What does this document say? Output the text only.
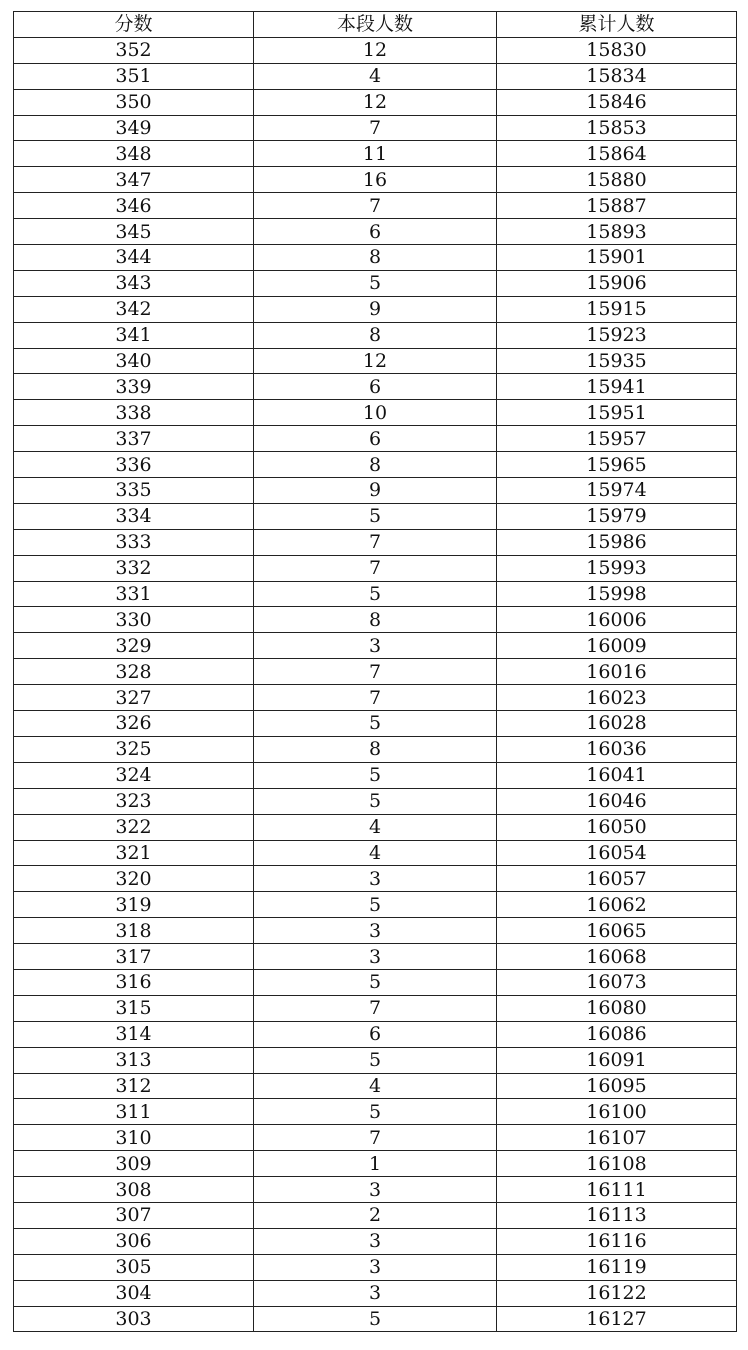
分数	本段人数	累计人数
352	12	15830
351	4	15834
350	12	15846
349	7	15853
348	11	15864
347	16	15880
346	7	15887
345	6	15893
344	8	15901
343	5	15906
342	9	15915
341	8	15923
340	12	15935
339	6	15941
338	10	15951
337	6	15957
336	8	15965
335	9	15974
334	5	15979
333	7	15986
332	7	15993
331	5	15998
330	8	16006
329	3	16009
328	7	16016
327	7	16023
326	5	16028
325	8	16036
324	5	16041
323	5	16046
322	4	16050
321	4	16054
320	3	16057
319	5	16062
318	3	16065
317	3	16068
316	5	16073
315	7	16080
314	6	16086
313	5	16091
312	4	16095
311	5	16100
310	7	16107
309	1	16108
308	3	16111
307	2	16113
306	3	16116
305	3	16119
304	3	16122
303	5	16127
